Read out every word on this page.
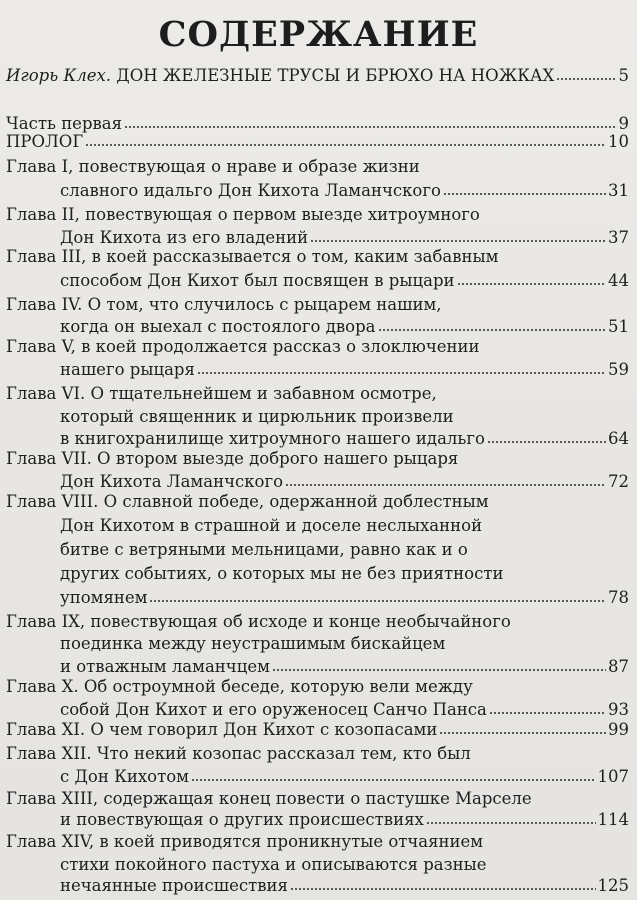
СОДЕРЖАНИЕ
Игорь Клех. ДОН ЖЕЛЕЗНЫЕ ТРУСЫ И БРЮХО НА НОЖКАХ	5
Часть первая	9
ПРОЛОГ	10
Глава I, повествующая о нраве и образе жизни
славного идальго Дон Кихота Ламанчского	31
Глава II, повествующая о первом выезде хитроумного
Дон Кихота из его владений	37
Глава III, в коей рассказывается о том, каким забавным
способом Дон Кихот был посвящен в рыцари	44
Глава IV. О том, что случилось с рыцарем нашим,
когда он выехал с постоялого двора	51
Глава V, в коей продолжается рассказ о злоключении
нашего рыцаря	59
Глава VI. О тщательнейшем и забавном осмотре,
который священник и цирюльник произвели
в книгохранилище хитроумного нашего идальго	64
Глава VII. О втором выезде доброго нашего рыцаря
Дон Кихота Ламанчского	72
Глава VIII. О славной победе, одержанной доблестным
Дон Кихотом в страшной и доселе неслыханной
битве с ветряными мельницами, равно как и о
других событиях, о которых мы не без приятности
упомянем	78
Глава IX, повествующая об исходе и конце необычайного
поединка между неустрашимым бискайцем
и отважным ламанчцем	87
Глава X. Об остроумной беседе, которую вели между
собой Дон Кихот и его оруженосец Санчо Панса	93
Глава XI. О чем говорил Дон Кихот с козопасами	99
Глава XII. Что некий козопас рассказал тем, кто был
с Дон Кихотом	107
Глава XIII, содержащая конец повести о пастушке Марселе
и повествующая о других происшествиях	114
Глава XIV, в коей приводятся проникнутые отчаянием
стихи покойного пастуха и описываются разные
нечаянные происшествия	125
